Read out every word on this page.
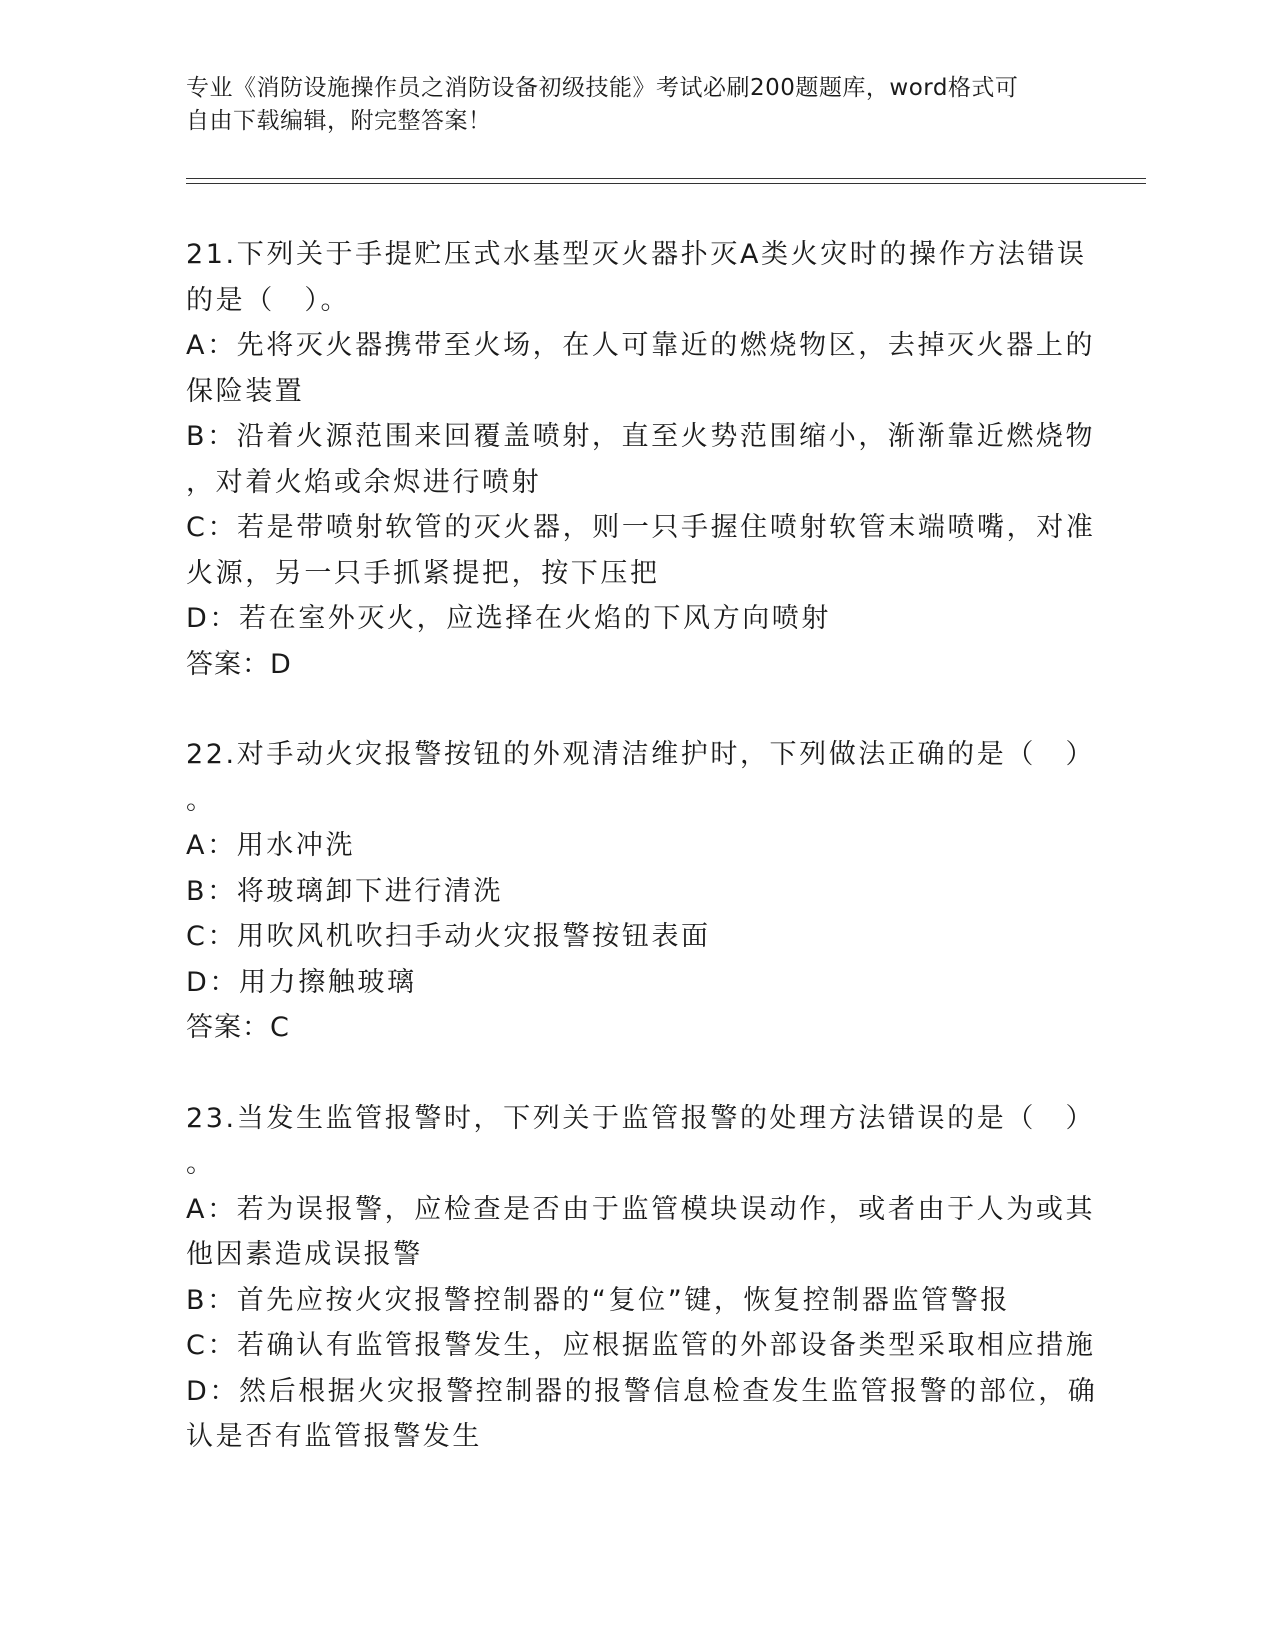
专业《消防设施操作员之消防设备初级技能》考试必刷200题题库，word格式可
自由下载编辑，附完整答案！
21.下列关于手提贮压式水基型灭火器扑灭A类火灾时的操作方法错误
的是（　）。
A：先将灭火器携带至火场，在人可靠近的燃烧物区，去掉灭火器上的
保险装置
B：沿着火源范围来回覆盖喷射，直至火势范围缩小，渐渐靠近燃烧物
，对着火焰或余烬进行喷射
C：若是带喷射软管的灭火器，则一只手握住喷射软管末端喷嘴，对准
火源，另一只手抓紧提把，按下压把
D：若在室外灭火，应选择在火焰的下风方向喷射
答案：D
22.对手动火灾报警按钮的外观清洁维护时，下列做法正确的是（　）
。
A：用水冲洗
B：将玻璃卸下进行清洗
C：用吹风机吹扫手动火灾报警按钮表面
D：用力擦触玻璃
答案：C
23.当发生监管报警时，下列关于监管报警的处理方法错误的是（　）
。
A：若为误报警，应检查是否由于监管模块误动作，或者由于人为或其
他因素造成误报警
B：首先应按火灾报警控制器的“复位”键，恢复控制器监管警报
C：若确认有监管报警发生，应根据监管的外部设备类型采取相应措施
D：然后根据火灾报警控制器的报警信息检查发生监管报警的部位，确
认是否有监管报警发生
